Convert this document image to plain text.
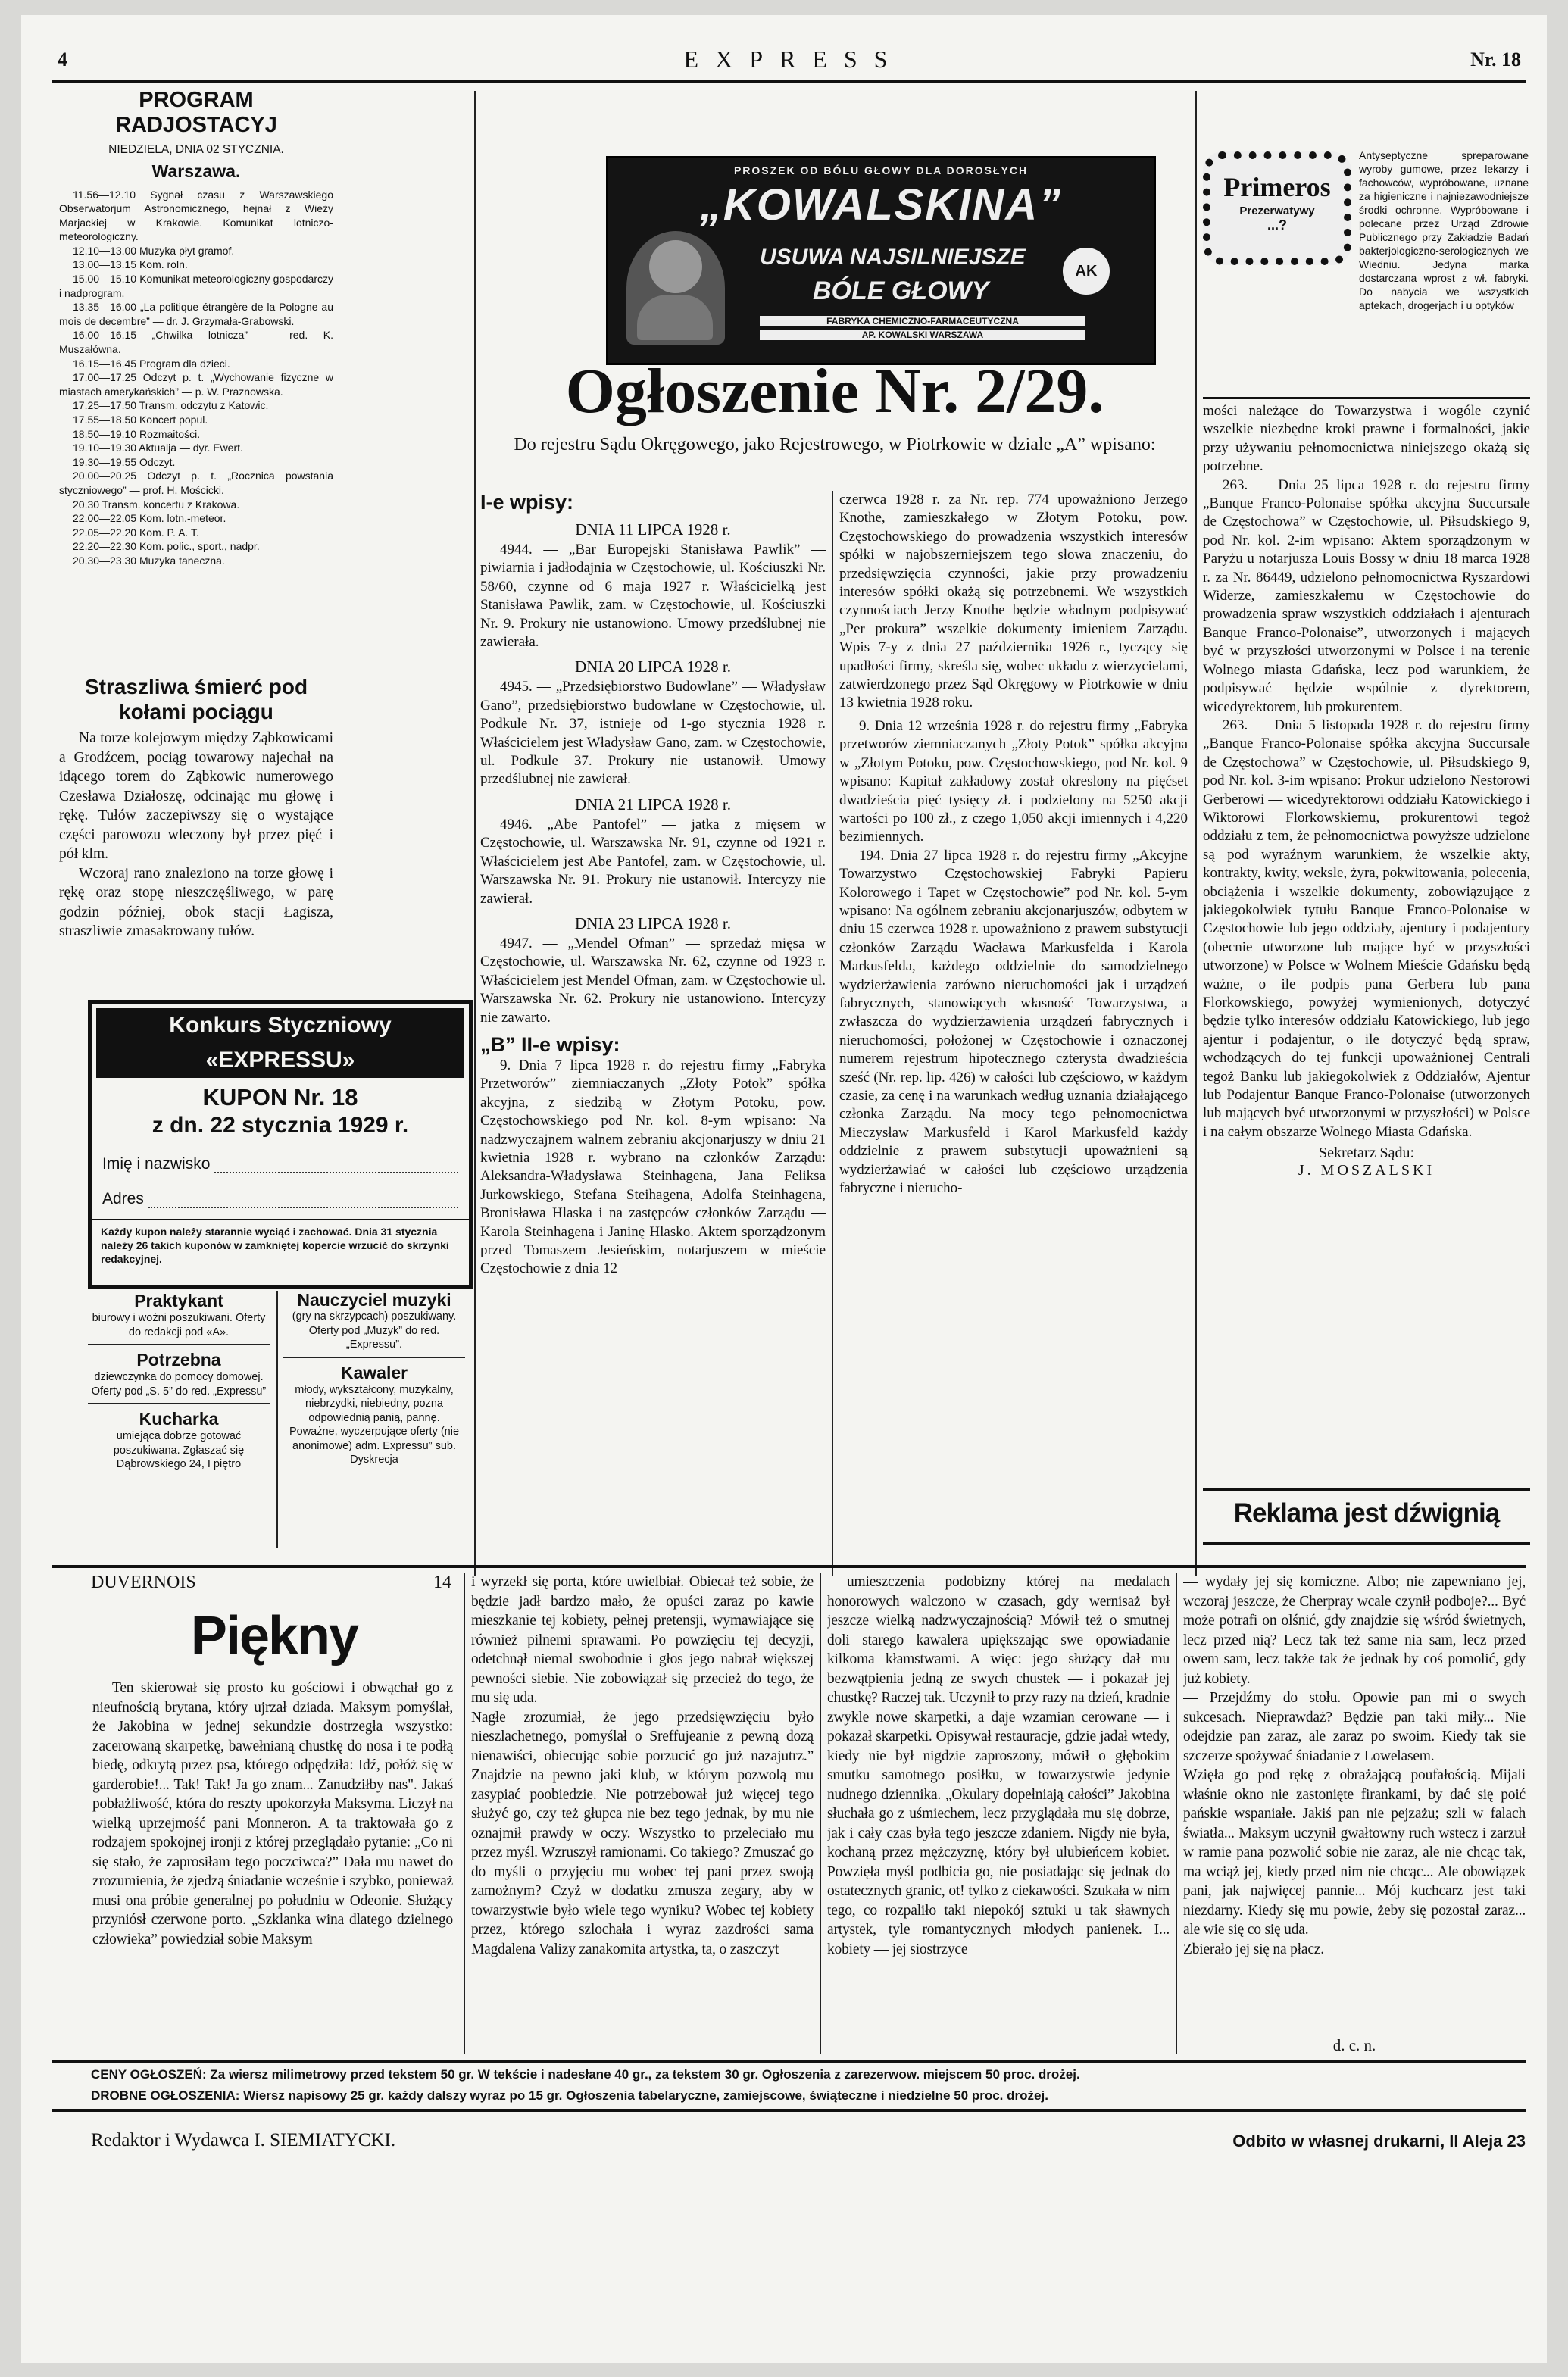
4	EXPRESS	Nr. 18
PROGRAM RADJOSTACYJ
NIEDZIELA, DNIA 02 STYCZNIA.
Warszawa.

11.56—12.10 Sygnał czasu z Warszawskiego Obserwatorjum Astronomicznego, hejnał z Wieży Marjackiej w Krakowie. Komunikat lotniczo-meteorologiczny.

12.10—13.00 Muzyka płyt gramof.

13.00—13.15 Kom. roln.

15.00—15.10 Komunikat meteorologiczny gospodarczy i nadprogram.

13.35—16.00 „La politique étrangère de la Pologne au mois de decembre” — dr. J. Grzymała-Grabowski.

16.00—16.15 „Chwilka lotnicza” — red. K. Muszałówna.

16.15—16.45 Program dla dzieci.

17.00—17.25 Odczyt p. t. „Wychowanie fizyczne w miastach amerykańskich” — p. W. Praznowska.

17.25—17.50 Transm. odczytu z Katowic.

17.55—18.50 Koncert popul.

18.50—19.10 Rozmaitości.

19.10—19.30 Aktualja — dyr. Ewert.

19.30—19.55 Odczyt.

20.00—20.25 Odczyt p. t. „Rocznica powstania styczniowego” — prof. H. Mościcki.

20.30 Transm. koncertu z Krakowa.

22.00—22.05 Kom. lotn.-meteor.

22.05—22.20 Kom. P. A. T.

22.20—22.30 Kom. polic., sport., nadpr.

20.30—23.30 Muzyka taneczna.

Straszliwa śmierć pod kołami pociągu

Na torze kolejowym między Ząbkowicami a Grodźcem, pociąg towarowy najechał na idącego torem do Ząbkowic numerowego Czesława Działoszę, odcinając mu głowę i rękę. Tułów zaczepiwszy się o wystające części parowozu wleczony był przez pięć i pół klm.

Wczoraj rano znaleziono na torze głowę i rękę oraz stopę nieszczęśliwego, w parę godzin później, obok stacji Łagisza, straszliwie zmasakrowany tułów.

Konkurs Styczniowy «EXPRESSU»
KUPON Nr. 18
z dn. 22 stycznia 1929 r.
Imię i nazwisko
Adres
Każdy kupon należy starannie wyciąć i zachować. Dnia 31 stycznia należy 26 takich kuponów w zamkniętej kopercie wrzucić do skrzynki redakcyjnej.
Praktykant
biurowy i woźni poszukiwani. Oferty do redakcji pod «A».
Potrzebna
dziewczynka do pomocy domowej. Oferty pod „S. 5” do red. „Expressu”
Kucharka
umiejąca dobrze gotować poszukiwana. Zgłaszać się Dąbrowskiego 24, I piętro
Nauczyciel muzyki
(gry na skrzypcach) poszukiwany. Oferty pod „Muzyk” do red. „Expressu”.
Kawaler
młody, wykształcony, muzykalny, niebrzydki, niebiedny, pozna odpowiednią panią, pannę. Poważne, wyczerpujące oferty (nie anonimowe) adm. Expressu” sub. Dyskrecja
PROSZEK OD BÓLU GŁOWY DLA DOROSŁYCH
„KOWALSKINA”
USUWA NAJSILNIEJSZE
BÓLE GŁOWY
AK
FABRYKA CHEMICZNO-FARMACEUTYCZNA
AP. KOWALSKI WARSZAWA
Ogłoszenie Nr. 2/29.
Do rejestru Sądu Okręgowego, jako Rejestrowego, w Piotrkowie w dziale „A” wpisano:
I-e wpisy:
DNIA 11 LIPCA 1928 r.

4944. — „Bar Europejski Stanisława Pawlik” — piwiarnia i jadłodajnia w Częstochowie, ul. Kościuszki Nr. 58/60, czynne od 6 maja 1927 r. Właścicielką jest Stanisława Pawlik, zam. w Częstochowie, ul. Kościuszki Nr. 9. Prokury nie ustanowiono. Umowy przedślubnej nie zawierała.

DNIA 20 LIPCA 1928 r.

4945. — „Przedsiębiorstwo Budowlane” — Władysław Gano”, przedsiębiorstwo budowlane w Częstochowie, ul. Podkule Nr. 37, istnieje od 1-go stycznia 1928 r. Właścicielem jest Władysław Gano, zam. w Częstochowie, ul. Podkule 37. Prokury nie ustanowił. Umowy przedślubnej nie zawierał.

DNIA 21 LIPCA 1928 r.

4946. „Abe Pantofel” — jatka z mięsem w Częstochowie, ul. Warszawska Nr. 91, czynne od 1921 r. Właścicielem jest Abe Pantofel, zam. w Częstochowie, ul. Warszawska Nr. 91. Prokury nie ustanowił. Intercyzy nie zawierał.

DNIA 23 LIPCA 1928 r.

4947. — „Mendel Ofman” — sprzedaż mięsa w Częstochowie, ul. Warszawska Nr. 62, czynne od 1923 r. Właścicielem jest Mendel Ofman, zam. w Częstochowie ul. Warszawska Nr. 62. Prokury nie ustanowiono. Intercyzy nie zawarto.

„B” II-e wpisy:

9. Dnia 7 lipca 1928 r. do rejestru firmy „Fabryka Przetworów” ziemniaczanych „Złoty Potok” spółka akcyjna, z siedzibą w Złotym Potoku, pow. Częstochowskiego pod Nr. kol. 8-ym wpisano: Na nadzwyczajnem walnem zebraniu akcjonarjuszy w dniu 21 kwietnia 1928 r. wybrano na członków Zarządu: Aleksandra-Władysława Steinhagena, Jana Feliksa Jurkowskiego, Stefana Steihagena, Adolfa Steinhagena, Bronisława Hlaska i na zastępców członków Zarządu — Karola Steinhagena i Janinę Hlasko. Aktem sporządzonym przed Tomaszem Jesieńskim, notarjuszem w mieście Częstochowie z dnia 12

czerwca 1928 r. za Nr. rep. 774 upoważniono Jerzego Knothe, zamieszkałego w Złotym Potoku, pow. Częstochowskiego do prowadzenia wszystkich interesów spółki w najobszerniejszem tego słowa znaczeniu, do przedsięwzięcia czynności, jakie przy prowadzeniu interesów spółki okażą się potrzebnemi. We wszystkich czynnościach Jerzy Knothe będzie władnym podpisywać „Per prokura” wszelkie dokumenty imieniem Zarządu. Wpis 7-y z dnia 27 października 1926 r., tyczący się upadłości firmy, skreśla się, wobec układu z wierzycielami, zatwierdzonego przez Sąd Okręgowy w Piotrkowie w dniu 13 kwietnia 1928 roku.

9. Dnia 12 września 1928 r. do rejestru firmy „Fabryka przetworów ziemniaczanych „Złoty Potok” spółka akcyjna w „Złotym Potoku, pow. Częstochowskiego, pod Nr. kol. 9 wpisano: Kapitał zakładowy został okreslony na pięćset dwadzieścia pięć tysięcy zł. i podzielony na 5250 akcji wartości po 100 zł., z czego 1,050 akcji imiennych i 4,220 bezimiennych.

194. Dnia 27 lipca 1928 r. do rejestru firmy „Akcyjne Towarzystwo Częstochowskiej Fabryki Papieru Kolorowego i Tapet w Częstochowie” pod Nr. kol. 5-ym wpisano: Na ogólnem zebraniu akcjonarjuszów, odbytem w dniu 15 czerwca 1928 r. upoważniono z prawem substytucji członków Zarządu Wacława Markusfelda i Karola Markusfelda, każdego oddzielnie do samodzielnego wydzierżawienia zarówno nieruchomości jak i urządzeń fabrycznych, stanowiących własność Towarzystwa, a zwłaszcza do wydzierżawienia urządzeń fabrycznych i nieruchomości, położonej w Częstochowie i oznaczonej numerem rejestrum hipotecznego czterysta dwadzieścia sześć (Nr. rep. lip. 426) w całości lub częściowo, w każdym czasie, za cenę i na warunkach według uznania działającego członka Zarządu. Na mocy tego pełnomocnictwa Mieczysław Markusfeld i Karol Markusfeld każdy oddzielnie z prawem substytucji upoważnieni są wydzierżawiać w całości lub częściowo urządzenia fabryczne i nierucho-

Primeros
Prezerwatywy
...?
Antyseptyczne spreparowane wyroby gumowe, przez lekarzy i fachowców, wypróbowane, uznane za higieniczne i najniezawodniejsze środki ochronne. Wypróbowane i polecane przez Urząd Zdrowie Publicznego przy Zakładzie Badań bakterjologiczno-serologicznych we Wiedniu. Jedyna marka dostarczana wprost z wł. fabryki. Do nabycia we wszystkich aptekach, drogerjach i u optyków

mości należące do Towarzystwa i wogóle czynić wszelkie niezbędne kroki prawne i formalności, jakie przy używaniu pełnomocnictwa niniejszego okażą się potrzebne.

263. — Dnia 25 lipca 1928 r. do rejestru firmy „Banque Franco-Polonaise spółka akcyjna Succursale de Częstochowa” w Częstochowie, ul. Piłsudskiego 9, pod Nr. kol. 2-im wpisano: Aktem sporządzonym w Paryżu u notarjusza Louis Bossy w dniu 18 marca 1928 r. za Nr. 86449, udzielono pełnomocnictwa Ryszardowi Widerze, zamieszkałemu w Częstochowie do prowadzenia spraw wszystkich oddziałach i ajenturach Banque Franco-Polonaise”, utworzonych i mających być w przyszłości utworzonymi w Polsce i na terenie Wolnego miasta Gdańska, lecz pod warunkiem, że podpisywać będzie wspólnie z dyrektorem, wicedyrektorem, lub prokurentem.

263. — Dnia 5 listopada 1928 r. do rejestru firmy „Banque Franco-Polonaise spółka akcyjna Succursale de Częstochowa” w Częstochowie, ul. Piłsudskiego 9, pod Nr. kol. 3-im wpisano: Prokur udzielono Nestorowi Gerberowi — wicedyrektorowi oddziału Katowickiego i Wiktorowi Florkowskiemu, prokurentowi tegoż oddziału z tem, że pełnomocnictwa powyższe udzielone są pod wyraźnym warunkiem, że wszelkie akty, kontrakty, kwity, weksle, żyra, pokwitowania, polecenia, obciążenia i wszelkie dokumenty, zobowiązujące z jakiegokolwiek tytułu Banque Franco-Polonaise w Częstochowie lub jego oddziały, ajentury i podajentury (obecnie utworzone lub mające być w przyszłości utworzone) w Polsce w Wolnem Mieście Gdańsku będą ważne, o ile podpis pana Gerbera lub pana Florkowskiego, powyżej wymienionych, dotyczyć będzie tylko interesów oddziału Katowickiego, lub jego ajentur i podajentur, o ile dotyczyć będą spraw, wchodzących do tej funkcji upoważnionej Centrali tegoż Banku lub jakiegokolwiek z Oddziałów, Ajentur lub Podajentur Banque Franco-Polonaise (utworzonych lub mających być utworzonymi w przyszłości) w Polsce i na całym obszarze Wolnego Miasta Gdańska.

Sekretarz Sądu:
J. MOSZALSKI
Reklama jest dźwignią
DUVERNOIS	14
Piękny

Ten skierował się prosto ku gościowi i obwąchał go z nieufnością brytana, który ujrzał dziada. Maksym pomyślał, że Jakobina w jednej sekundzie dostrzegła wszystko: zacerowaną skarpetkę, bawełnianą chustkę do nosa i te podłą biedę, odkrytą przez psa, którego odpędziła: Idź, połóż się w garderobie!... Tak! Tak! Ja go znam... Zanudziłby nas". Jakaś pobłażliwość, która do reszty upokorzyła Maksyma. Liczył na wielką uprzejmość pani Monneron. A ta traktowała go z rodzajem spokojnej ironji z której przeglądało pytanie: „Co ni się stało, że zaprosiłam tego poczciwca?” Dała mu nawet do zrozumienia, że zjedzą śniadanie wcześnie i szybko, ponieważ musi ona próbie generalnej po południu w Odeonie. Służący przyniósł czerwone porto. „Szklanka wina dlatego dzielnego człowieka” powiedział sobie Maksym

i wyrzekł się porta, które uwielbiał. Obiecał też sobie, że będzie jadł bardzo mało, że opuści zaraz po kawie mieszkanie tej kobiety, pełnej pretensji, wymawiające się również pilnemi sprawami. Po powzięciu tej decyzji, odetchnął niemal swobodnie i głos jego nabrał większej pewności siebie. Nie zobowiązał się przecież do tego, że mu się uda.
Nagłe zrozumiał, że jego przedsięwzięciu było nieszlachetnego, pomyślał o Sreffujeanie z pewną dozą nienawiści, obiecując sobie porzucić go już nazajutrz.” Znajdzie na pewno jaki klub, w którym pozwolą mu zasypiać poobiedzie. Nie potrzebował już więcej tego służyć go, czy też głupca nie bez tego jednak, by mu nie oznajmił prawdy w oczy. Wszystko to przeleciało mu przez myśl. Wzruszył ramionami. Co takiego? Zmuszać go do myśli o przyjęciu mu wobec tej pani przez swoją zamożnym? Czyż w dodatku zmusza zegary, aby w towarzystwie było wiele tego wyniku? Wobec tej kobiety przez, którego szlochała i wyraz zazdrości sama Magdalena Valizy zanakomita artystka, ta, o zaszczyt

umieszczenia podobizny której na medalach honorowych walczono w czasach, gdy wernisaż był jeszcze wielką nadzwyczajnością? Mówił też o smutnej doli starego kawalera upiększając swe opowiadanie kilkoma kłamstwami. A więc: jego służący dał mu bezwątpienia jedną ze swych chustek — i pokazał jej chustkę? Raczej tak. Uczynił to przy razy na dzień, kradnie zwykle nowe skarpetki, a daje wzamian cerowane — i pokazał skarpetki. Opisywał restauracje, gdzie jadał wtedy, kiedy nie był nigdzie zaproszony, mówił o głębokim smutku samotnego posiłku, w towarzystwie jedynie nudnego dziennika. „Okulary dopełniają całości” Jakobina słuchała go z uśmiechem, lecz przyglądała mu się dobrze, jak i cały czas była tego jeszcze zdaniem. Nigdy nie była, kochaną przez mężczyznę, który był ulubieńcem kobiet. Powzięła myśl podbicia go, nie posiadając się jednak do ostatecznych granic, ot! tylko z ciekawości. Szukała w nim tego, co rozpaliło taki niepokój sztuki u tak sławnych artystek, tyle romantycznych młodych panienek. I... kobiety — jej siostrzyce

— wydały jej się komiczne. Albo; nie zapewniano jej, wczoraj jeszcze, że Cherpray wcale czynił podboje?... Być może potrafi on olśnić, gdy znajdzie się wśród świetnych, lecz przed nią? Lecz tak też same nia sam, lecz przed owem sam, lecz także tak że jednak by coś pomolić, gdy już kobiety.
— Przejdźmy do stołu. Opowie pan mi o swych sukcesach. Nieprawdaż? Będzie pan taki miły... Nie odejdzie pan zaraz, ale zaraz po swoim. Kiedy tak sie szczerze spożywać śniadanie z Lowelasem.
Wzięła go pod rękę z obrażającą poufałością. Mijali właśnie okno nie zastonięte firankami, by dać się poić pańskie wspaniałe. Jakiś pan nie pejzażu; szli w falach światła... Maksym uczynił gwałtowny ruch wstecz i zarzuł w ramie pana pozwolić sobie nie zaraz, ale nie chcąc tak, ma wciąż jej, kiedy przed nim nie chcąc... Ale obowiązek pani, jak najwięcej pannie... Mój kuchcarz jest taki niezdarny. Kiedy się mu powie, żeby się pozostał zaraz... ale wie się co się uda.
Zbierało jej się na płacz.

d. c. n.
CENY OGŁOSZEŃ: Za wiersz milimetrowy przed tekstem 50 gr. W tekście i nadesłane 40 gr., za tekstem 30 gr. Ogłoszenia z zarezerwow. miejscem 50 proc. drożej.
DROBNE OGŁOSZENIA: Wiersz napisowy 25 gr. każdy dalszy wyraz po 15 gr. Ogłoszenia tabelaryczne, zamiejscowe, świąteczne i niedzielne 50 proc. drożej.
Redaktor i Wydawca I. SIEMIATYCKI.	Odbito w własnej drukarni, II Aleja 23
